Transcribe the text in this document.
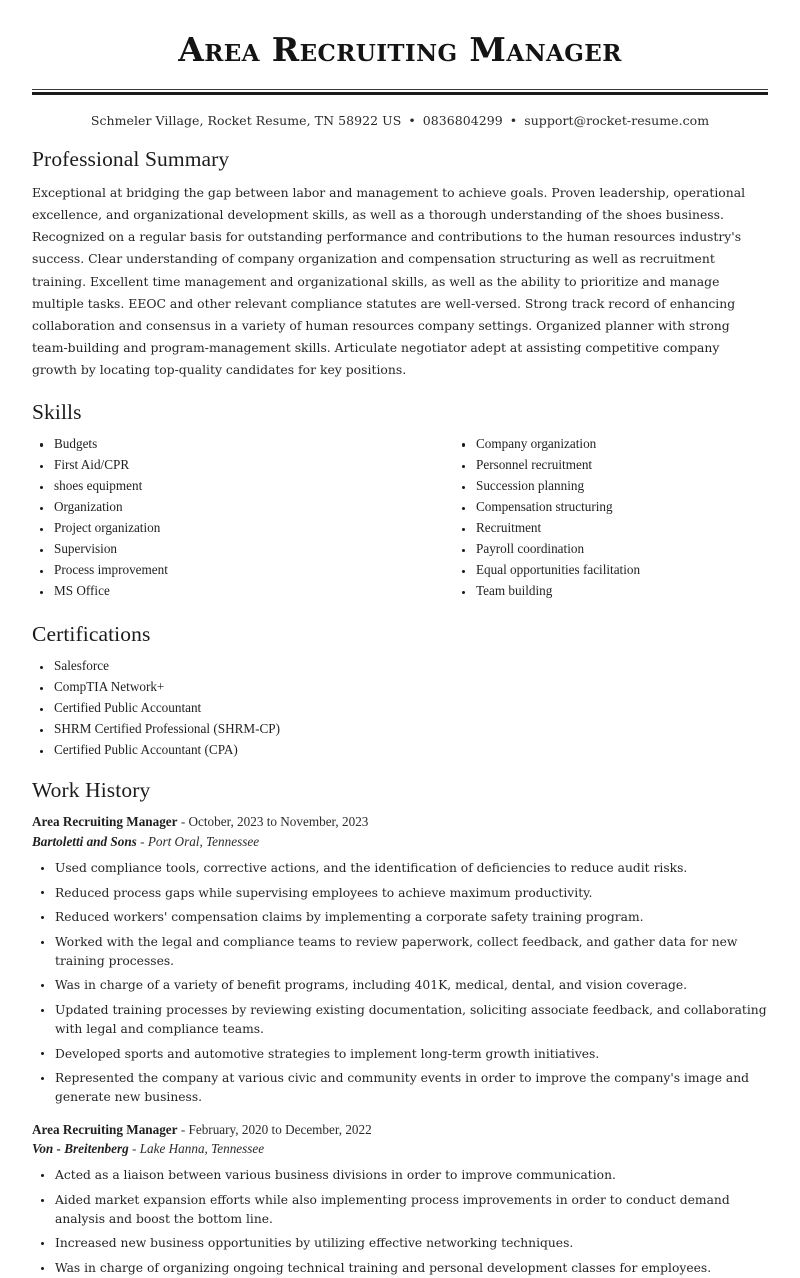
Area Recruiting Manager
Schmeler Village, Rocket Resume, TN 58922 US • 0836804299 • support@rocket-resume.com
Professional Summary

Exceptional at bridging the gap between labor and management to achieve goals. Proven leadership, operational excellence, and organizational development skills, as well as a thorough understanding of the shoes business. Recognized on a regular basis for outstanding performance and contributions to the human resources industry's success. Clear understanding of company organization and compensation structuring as well as recruitment training. Excellent time management and organizational skills, as well as the ability to prioritize and manage multiple tasks. EEOC and other relevant compliance statutes are well-versed. Strong track record of enhancing collaboration and consensus in a variety of human resources company settings. Organized planner with strong team-building and program-management skills. Articulate negotiator adept at assisting competitive company growth by locating top-quality candidates for key positions.

Skills
Budgets
First Aid/CPR
shoes equipment
Organization
Project organization
Supervision
Process improvement
MS Office
Company organization
Personnel recruitment
Succession planning
Compensation structuring
Recruitment
Payroll coordination
Equal opportunities facilitation
Team building
Certifications
Salesforce
CompTIA Network+
Certified Public Accountant
SHRM Certified Professional (SHRM-CP)
Certified Public Accountant (CPA)
Work History
Area Recruiting Manager - October, 2023 to November, 2023
Bartoletti and Sons - Port Oral, Tennessee
Used compliance tools, corrective actions, and the identification of deficiencies to reduce audit risks.
Reduced process gaps while supervising employees to achieve maximum productivity.
Reduced workers' compensation claims by implementing a corporate safety training program.
Worked with the legal and compliance teams to review paperwork, collect feedback, and gather data for new training processes.
Was in charge of a variety of benefit programs, including 401K, medical, dental, and vision coverage.
Updated training processes by reviewing existing documentation, soliciting associate feedback, and collaborating with legal and compliance teams.
Developed sports and automotive strategies to implement long-term growth initiatives.
Represented the company at various civic and community events in order to improve the company's image and generate new business.
Area Recruiting Manager - February, 2020 to December, 2022
Von - Breitenberg - Lake Hanna, Tennessee
Acted as a liaison between various business divisions in order to improve communication.
Aided market expansion efforts while also implementing process improvements in order to conduct demand analysis and boost the bottom line.
Increased new business opportunities by utilizing effective networking techniques.
Was in charge of organizing ongoing technical training and personal development classes for employees.
